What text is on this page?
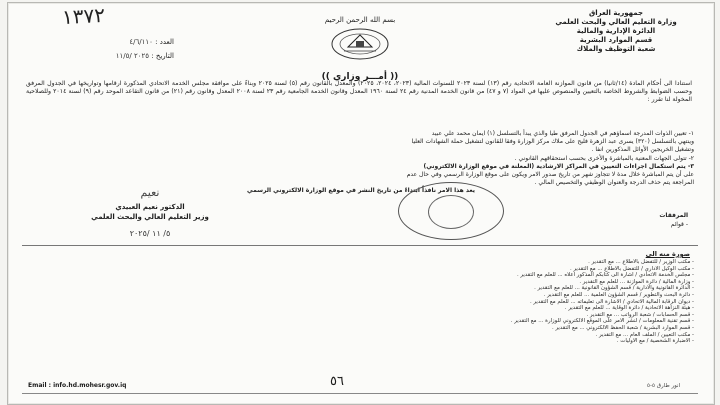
بسم الله الرحمن الرحيم
جمهورية العراق
وزارة التعليم العالي والبحث العلمي
الدائرة الإدارية والمالية
قسم الموارد البشرية
شعبة التوظيف والملاك
١٣٧٢
العدد : ٤/٦/١١٠
التاريخ : ٢٠٢٥ /١١/٥
(( أمـــر وزاري ))
استنادا الى أحكام المادة (١٤/ثانيا) من قانون الموازنة العامة الاتحادية رقم (١٣) لسنة ٢٠٢٣ للسنوات المالية (٢٠٢٣، ٢٠٢٤، ٢٠٢٥) والمعدل بالقانون رقم (٥) لسنة ٢٠٢٥ وبناءً على موافقة مجلس الخدمة الاتحادي المذكورة ارقامها وتواريخها في الجدول المرفق وحسب الضوابط والشروط الخاصة بالتعيين والمنصوص عليها في المواد (٧ و ٤٧) من قانون الخدمة المدنية رقم ٢٤ لسنة ١٩٦٠ المعدل وقانون الخدمة الجامعية رقم ٢٣ لسنة ٢٠٠٨ المعدل وقانون رقم (٢١) من قانون التقاعد الموحد رقم (٩) لسنة ٢٠١٤ وللصلاحية المخولة لنا تقرر :
١- تعيين الذوات المدرجة اسماؤهم في الجدول المرفق طيا والذي يبدأ بالتسلسل (١) ايمان محمد علي عبيد
وينتهي بالتسلسل (٣٢٠) يسرى عبد الزهرة فليح على ملاك مركز الوزارة وفقا للقانون لتشغيل حملة الشهادات العليا
وتشغيل الخريجين الأوائل المذكورين انفا .
٢- تتولى الجهات المعنية بالمباشرة والأخرى بحسب استحقاقهم القانوني .
٣- يتم استكمال اجراءات التعيين في المراكز الارشادية (المعلنة في موقع الوزارة الالكتروني)
على أن يتم المباشرة خلال مدة لا تتجاوز شهر من تاريخ صدور الامر ويكون على موقع الوزارة الرسمي وفي حال عدم
المراجعة يتم حذف الدرجة والعنوان الوظيفي والتخصيص المالي .
يعد هذا الامر نافذاً ابتداءً من تاريخ النشر في موقع الوزارة الالكتروني الرسمي
نعيم
الدكتور نعيم العبيدي
وزير التعليم العالي والبحث العلمي
٥/ ١١ /٢٠٢٥
المرفقات
- قوائم
صورة منه الى
- مكتب الوزير / للتفضل بالاطلاع ... مع التقدير .
- مكتب الوكيل الاداري / للتفضل بالاطلاع ... مع التقدير .
- مجلس الخدمة الاتحادي / اشارة الى كتابكم المذكور اعلاه ... للعلم مع التقدير .
- وزارة المالية / دائرة الموازنة ... للعلم مع التقدير .
- الدائرة القانونية والادارية / قسم الشؤون القانونية ... للعلم مع التقدير .
- دائرة البحث والتطوير / قسم الشؤون العلمية ... للعلم مع التقدير .
- ديوان الرقابة المالية الاتحادي / الاشارة الى تعليماته ... للعلم مع التقدير .
- هيئة النزاهة الاتحادية / دائرة الوقاية ... للعلم مع التقدير .
- قسم الحسابات / شعبة الرواتب ... مع التقدير .
- قسم تقنية المعلومات / لنشر الامر على الموقع الالكتروني للوزارة ... مع التقدير .
- قسم الموارد البشرية / شعبة الحفظ الالكتروني ... مع التقدير .
- مكتب التعيين / الملف العام ... مع التقدير .
- الاضبارة الشخصية / مع الاوليات .
Email : info.hd.mohesr.gov.iq	٥٦	انور طارق ٥-٥
